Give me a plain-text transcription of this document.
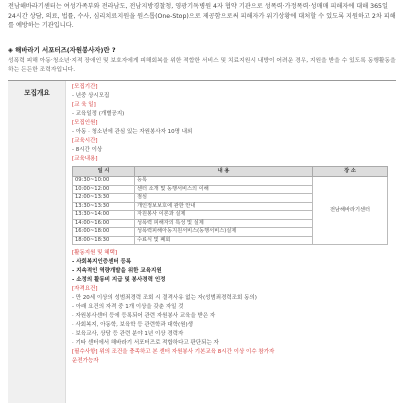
전남해바라기센터는 여성가족부와 전라남도, 전남지방경찰청, 영광기독병원 4자 협약 기관으로 성폭력·가정폭력·성매매 피해자에 대해 365일 24시간 상담, 의료, 법률, 수사, 심리치료지원을 원스톱(One-Stop)으로 제공함으로써 피해자가 위기상황에 대처할 수 있도록 지원하고 2차 피해를 예방하는 기관입니다.
◈ 해바라기 서포터즈(자원봉사자)란 ?
성폭력 피해 아동·청소년·지적 장애인 및 보호자에게 피해회복을 위한 적합한 서비스 및 치료지원시 내방이 어려운 경우, 지원을 받을 수 있도록 동행활동을 하는 든든한 조력자입니다.
모집개요
[모집기간]
- 년중 상시모집
[교 육 일]
- 교육일정 (개별공지)
[모집인원]
- 아동 · 청소년에 관심 있는 자원봉사자 10명 내외
[교육시간]
- 8시간 이상
[교육내용]
일 시	내 용	장 소
09:30~10:00	등록	전남해바라기센터
10:00~12:00	센터 소개 및 동행서비스의 이해	
12:00~13:30	점심	
13:30~13:30	개인정보보호에 관한 안내	
13:30~14:00	자원봉사 이론과 실제	
14:00~16:00	성폭력 피해자의 특성 및 실제	
16:00~18:00	성폭력피해아동지원서비스(동행서비스)실제	
18:00~18:30	수료식 및 폐회	
[활동지원 및 혜택]
- 사회복지인증센터 등록
- 지속적인 역량개발을 위한 교육지원
- 소정의 활동비 지급 및 봉사경력 인정
[자격요건]
- 만 20세 이상의 성범죄경력 조회 시 결격사유 없는 자(성범죄경력조회 동의)
- 아래 요건의 자격 중 1개 이상을 갖춘 자일 것
· 자원봉사센터 등에 등록되어 관련 자원봉사 교육을 받은 자
· 사회복지, 아동학, 보육학 등 관련학과 대학(원)생
· 보육교사, 상담 등 관련 분야 1년 이상 경력자
· 기타 센터에서 해바라기 서포터즈로 적합하다고 판단되는 자
[필수사항] 위의 조건을 충족하고 본 센터 자원봉사 기본교육 8시간 이상 이수 참가자
운전가능자
